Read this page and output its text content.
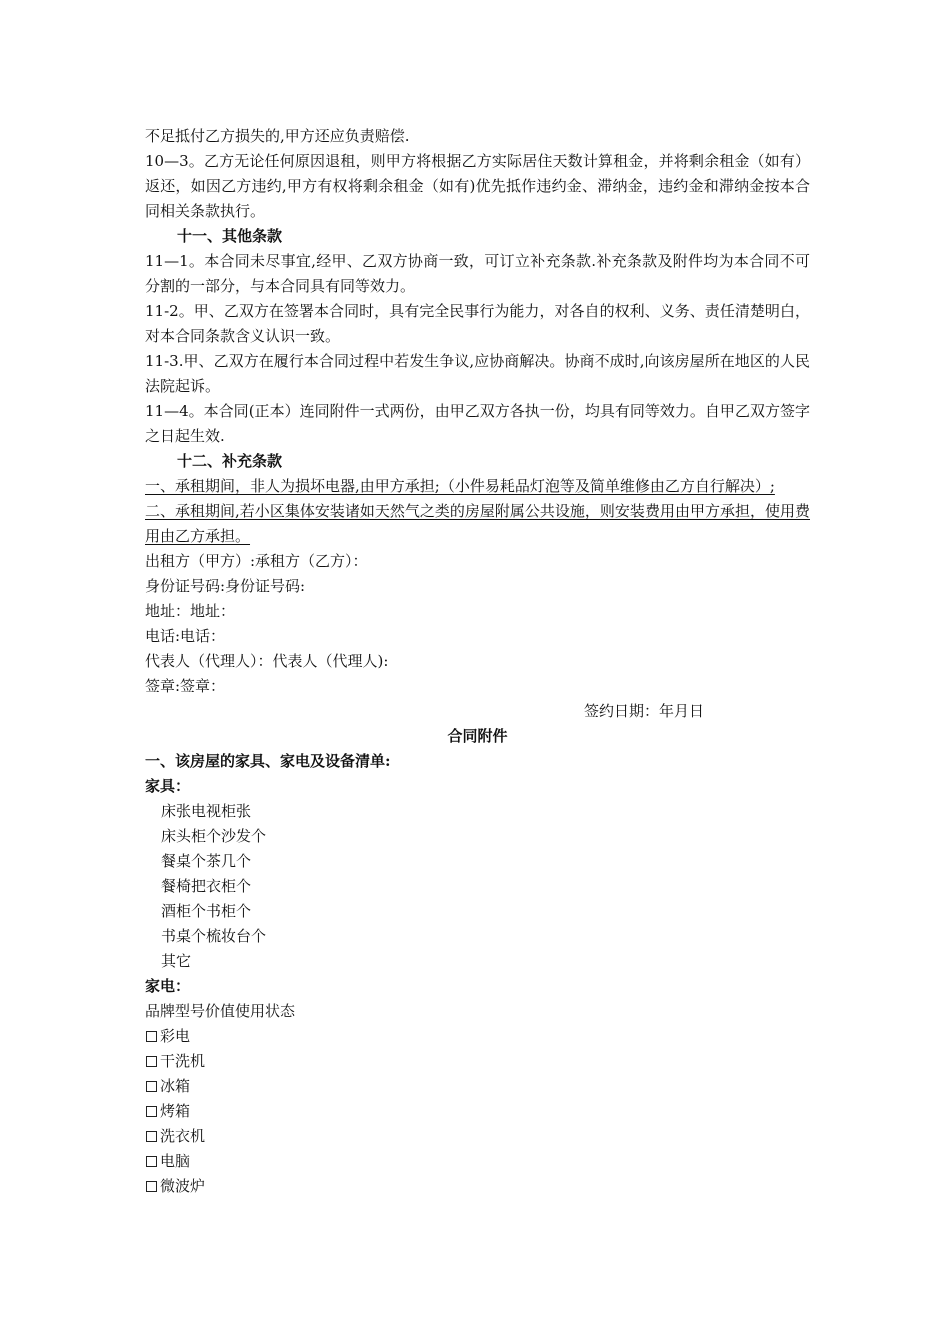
不足抵付乙方损失的,甲方还应负责赔偿.

10—3。乙方无论任何原因退租，则甲方将根据乙方实际居住天数计算租金，并将剩余租金（如有）返还，如因乙方违约,甲方有权将剩余租金（如有)优先抵作违约金、滞纳金，违约金和滞纳金按本合同相关条款执行。

十一、其他条款

11—1。本合同未尽事宜,经甲、乙双方协商一致，可订立补充条款.补充条款及附件均为本合同不可分割的一部分，与本合同具有同等效力。

11-2。甲、乙双方在签署本合同时，具有完全民事行为能力，对各自的权利、义务、责任清楚明白，对本合同条款含义认识一致。

11-3.甲、乙双方在履行本合同过程中若发生争议,应协商解决。协商不成时,向该房屋所在地区的人民法院起诉。

11—4。本合同(正本）连同附件一式两份，由甲乙双方各执一份，均具有同等效力。自甲乙双方签字之日起生效.

十二、补充条款

一、承租期间，非人为损坏电器,由甲方承担;（小件易耗品灯泡等及简单维修由乙方自行解决）;

二、承租期间,若小区集体安装诸如天然气之类的房屋附属公共设施，则安装费用由甲方承担，使用费用由乙方承担。

出租方（甲方）:承租方（乙方）：

身份证号码:身份证号码:

地址：地址：

电话:电话：

代表人（代理人）：代表人（代理人):

签章:签章：

签约日期：年月日

合同附件

一、该房屋的家具、家电及设备清单:

家具：

床张电视柜张

床头柜个沙发个

餐桌个茶几个

餐椅把衣柜个

酒柜个书柜个

书桌个梳妆台个

其它

家电：

品牌型号价值使用状态

彩电

干洗机

冰箱

烤箱

洗衣机

电脑

微波炉
